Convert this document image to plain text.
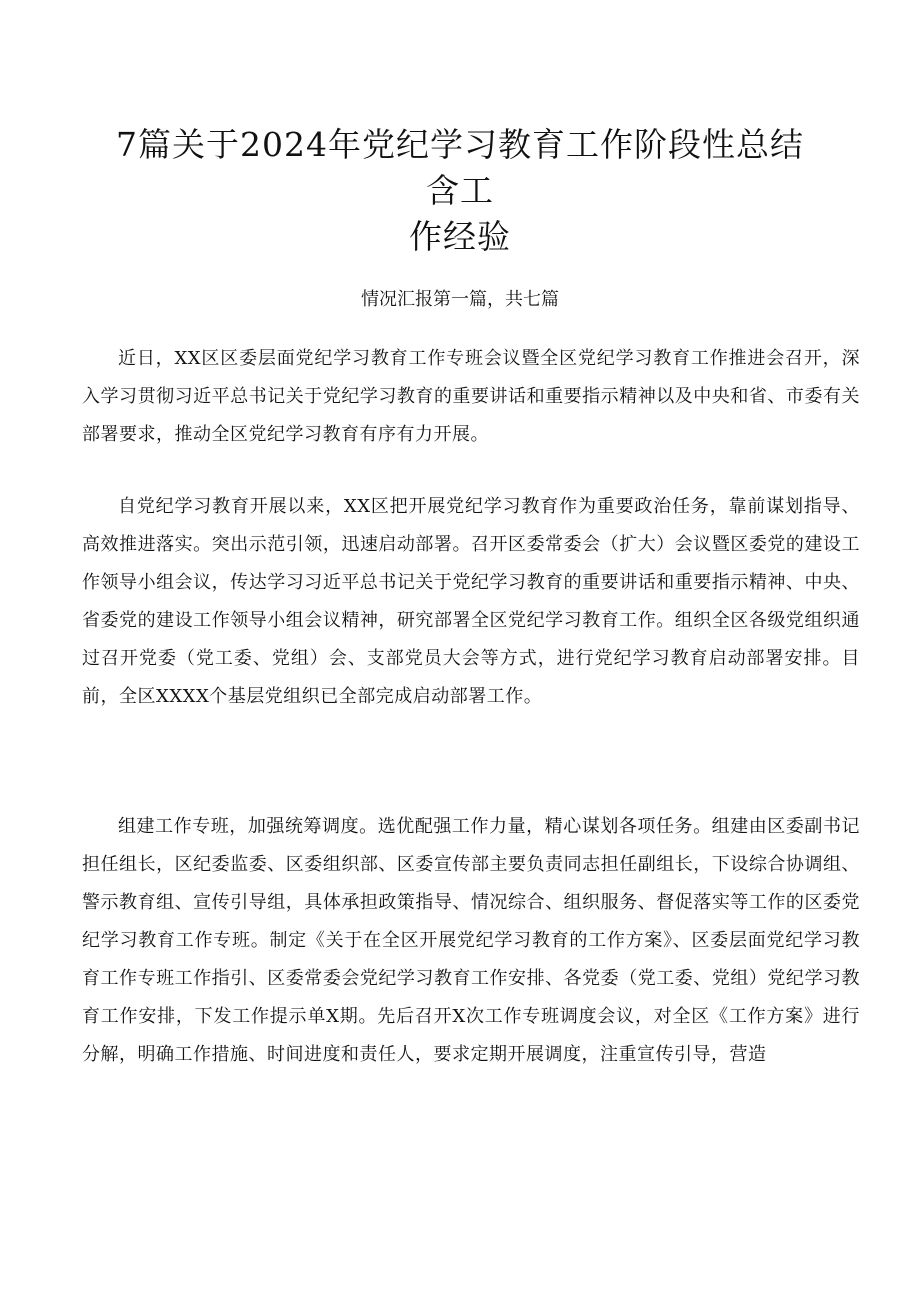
7篇关于2024年党纪学习教育工作阶段性总结含工
作经验

情况汇报第一篇，共七篇

近日，XX区区委层面党纪学习教育工作专班会议暨全区党纪学习教育工作推进会召开，深入学习贯彻习近平总书记关于党纪学习教育的重要讲话和重要指示精神以及中央和省、市委有关部署要求，推动全区党纪学习教育有序有力开展。

自党纪学习教育开展以来，XX区把开展党纪学习教育作为重要政治任务，靠前谋划指导、高效推进落实。突出示范引领，迅速启动部署。召开区委常委会（扩大）会议暨区委党的建设工作领导小组会议，传达学习习近平总书记关于党纪学习教育的重要讲话和重要指示精神、中央、省委党的建设工作领导小组会议精神，研究部署全区党纪学习教育工作。组织全区各级党组织通过召开党委（党工委、党组）会、支部党员大会等方式，进行党纪学习教育启动部署安排。目前，全区XXXX个基层党组织已全部完成启动部署工作。

组建工作专班，加强统筹调度。选优配强工作力量，精心谋划各项任务。组建由区委副书记担任组长，区纪委监委、区委组织部、区委宣传部主要负责同志担任副组长，下设综合协调组、警示教育组、宣传引导组，具体承担政策指导、情况综合、组织服务、督促落实等工作的区委党纪学习教育工作专班。制定《关于在全区开展党纪学习教育的工作方案》、区委层面党纪学习教育工作专班工作指引、区委常委会党纪学习教育工作安排、各党委（党工委、党组）党纪学习教育工作安排，下发工作提示单X期。先后召开X次工作专班调度会议，对全区《工作方案》进行分解，明确工作措施、时间进度和责任人，要求定期开展调度，注重宣传引导，营造
